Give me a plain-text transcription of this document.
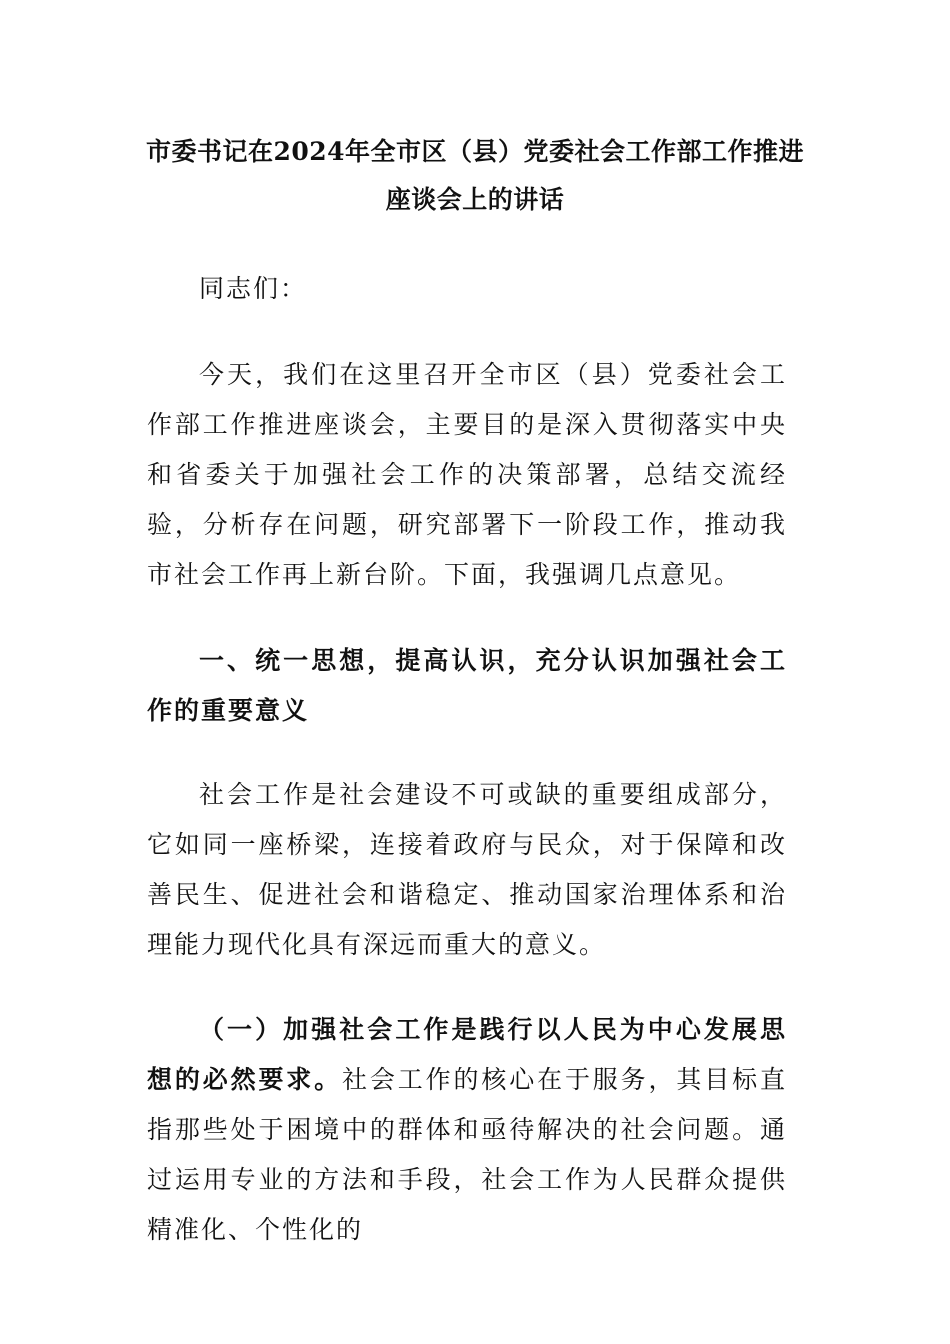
市委书记在2024年全市区（县）党委社会工作部工作推进
座谈会上的讲话
同志们：
今天，我们在这里召开全市区（县）党委社会工作部工作推进座谈会，主要目的是深入贯彻落实中央和省委关于加强社会工作的决策部署，总结交流经验，分析存在问题，研究部署下一阶段工作，推动我市社会工作再上新台阶。下面，我强调几点意见。
一、统一思想，提高认识，充分认识加强社会工作的重要意义
社会工作是社会建设不可或缺的重要组成部分，它如同一座桥梁，连接着政府与民众，对于保障和改善民生、促进社会和谐稳定、推动国家治理体系和治理能力现代化具有深远而重大的意义。
（一）加强社会工作是践行以人民为中心发展思想的必然要求。社会工作的核心在于服务，其目标直指那些处于困境中的群体和亟待解决的社会问题。通过运用专业的方法和手段，社会工作为人民群众提供精准化、个性化的
